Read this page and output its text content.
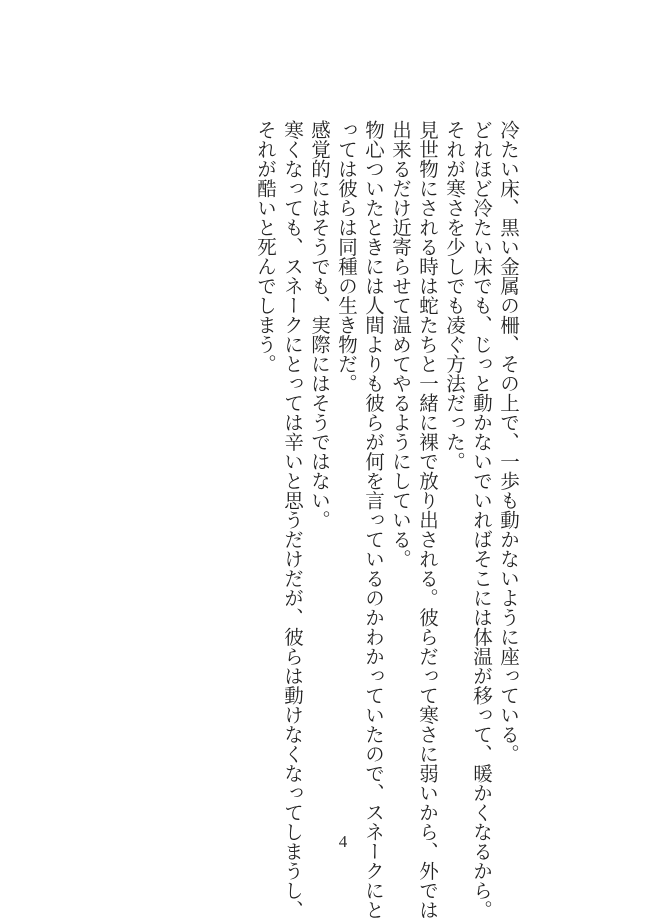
冷たい床、黒い金属の柵、その上で、一歩も動かないように座っている。
どれほど冷たい床でも、じっと動かないでいればそこには体温が移って、暖かくなるから。
それが寒さを少しでも凌ぐ方法だった。
見世物にされる時は蛇たちと一緒に裸で放り出される。彼らだって寒さに弱いから、外では
出来るだけ近寄らせて温めてやるようにしている。
物心ついたときには人間よりも彼らが何を言っているのかわかっていたので、スネークにと
っては彼らは同種の生き物だ。
感覚的にはそうでも、実際にはそうではない。
寒くなっても、スネークにとっては辛いと思うだけだが、彼らは動けなくなってしまうし、
それが酷いと死んでしまう。
4
